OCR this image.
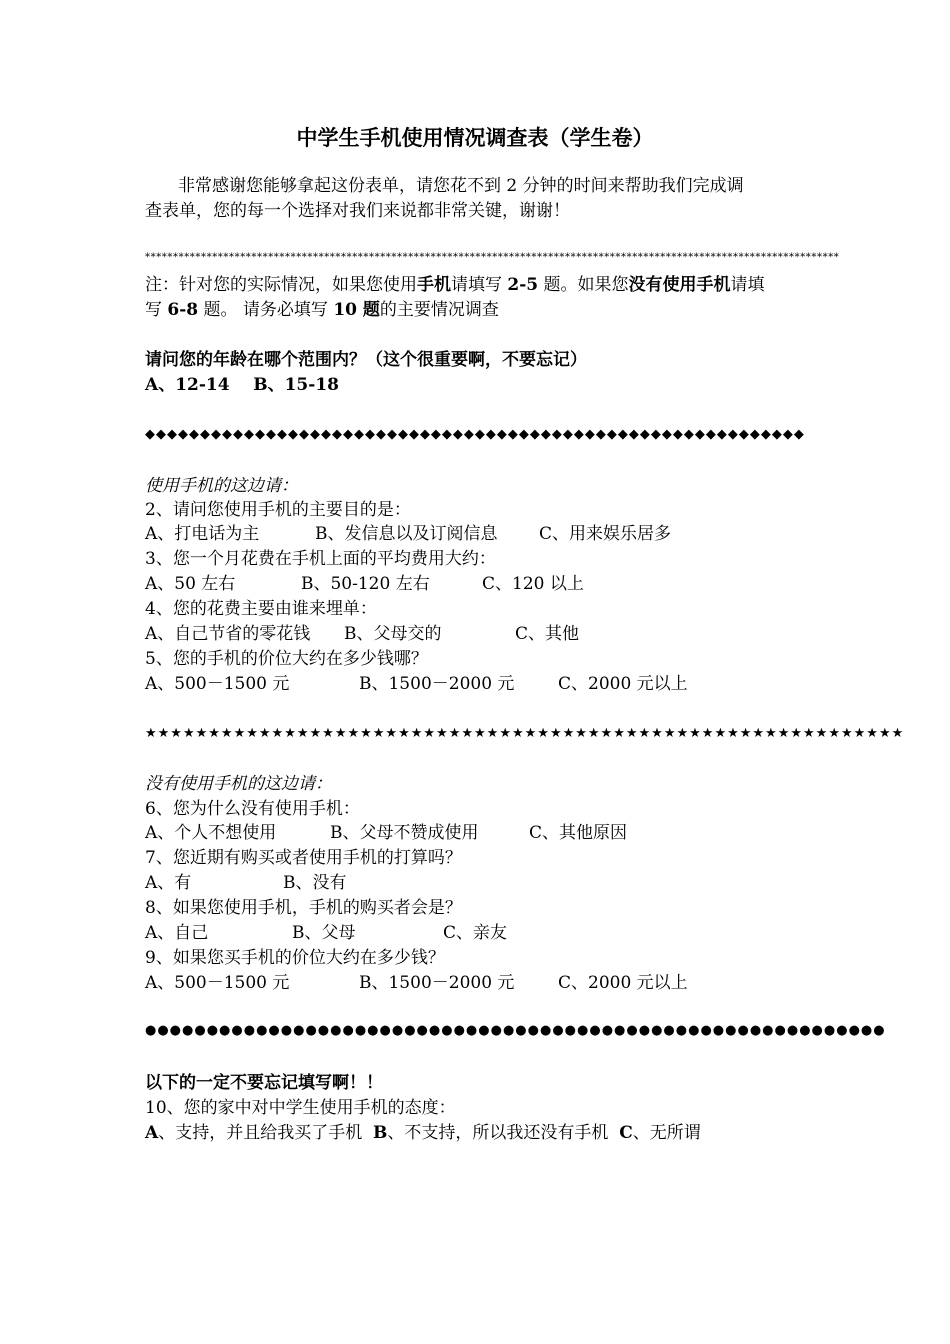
中学生手机使用情况调查表（学生卷）
非常感谢您能够拿起这份表单，请您花不到 2 分钟的时间来帮助我们完成调
查表单，您的每一个选择对我们来说都非常关键，谢谢！
****************************************************************************************************************************
注：针对您的实际情况，如果您使用手机请填写 2-5 题。如果您没有使用手机请填
写 6-8 题。 请务必填写 10 题的主要情况调查
请问您的年龄在哪个范围内？（这个很重要啊，不要忘记）
A、12-14    B、15-18
◆◆◆◆◆◆◆◆◆◆◆◆◆◆◆◆◆◆◆◆◆◆◆◆◆◆◆◆◆◆◆◆◆◆◆◆◆◆◆◆◆◆◆◆◆◆◆◆◆◆◆◆◆◆◆◆◆◆◆◆
使用手机的这边请：
2、请问您使用手机的主要目的是：
A、打电话为主	B、发信息以及订阅信息 C、用来娱乐居多
3、您一个月花费在手机上面的平均费用大约：
A、50 左右	B、50-120 左右	C、120 以上
4、您的花费主要由谁来埋单：
A、自己节省的零花钱 B、父母交的	C、其他
5、您的手机的价位大约在多少钱哪？
A、500－1500 元	B、1500－2000 元	C、2000 元以上
★★★★★★★★★★★★★★★★★★★★★★★★★★★★★★★★★★★★★★★★★★★★★★★★★★★★★★★★★★★★
没有使用手机的这边请：
6、您为什么没有使用手机：
A、个人不想使用	B、父母不赞成使用	C、其他原因
7、您近期有购买或者使用手机的打算吗？
A、有	B、没有
8、如果您使用手机，手机的购买者会是？
A、自己	B、父母	C、亲友
9、如果您买手机的价位大约在多少钱？
A、500－1500 元	B、1500－2000 元	C、2000 元以上
●●●●●●●●●●●●●●●●●●●●●●●●●●●●●●●●●●●●●●●●●●●●●●●●●●●●●●●●●●●●
以下的一定不要忘记填写啊！！
10、您的家中对中学生使用手机的态度：
A、支持，并且给我买了手机  B、不支持，所以我还没有手机  C、无所谓
